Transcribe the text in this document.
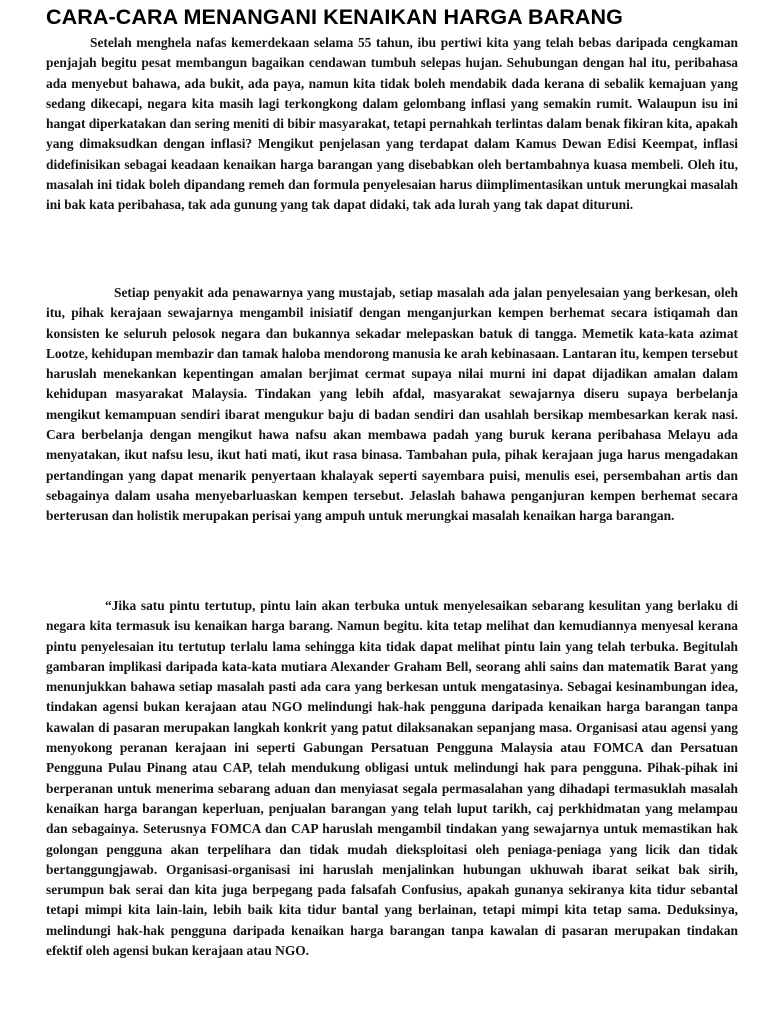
CARA-CARA MENANGANI KENAIKAN HARGA BARANG

Setelah menghela nafas kemerdekaan selama 55 tahun, ibu pertiwi kita yang telah bebas daripada cengkaman penjajah begitu pesat membangun bagaikan cendawan tumbuh selepas hujan. Sehubungan dengan hal itu, peribahasa ada menyebut bahawa, ada bukit, ada paya, namun kita tidak boleh mendabik dada kerana di sebalik kemajuan yang sedang dikecapi, negara kita masih lagi terkongkong dalam gelombang inflasi yang semakin rumit. Walaupun isu ini hangat diperkatakan dan sering meniti di bibir masyarakat, tetapi pernahkah terlintas dalam benak fikiran kita, apakah yang dimaksudkan dengan inflasi? Mengikut penjelasan yang terdapat dalam Kamus Dewan Edisi Keempat, inflasi didefinisikan sebagai keadaan kenaikan harga barangan yang disebabkan oleh bertambahnya kuasa membeli. Oleh itu, masalah ini tidak boleh dipandang remeh dan formula penyelesaian harus diimplimentasikan untuk merungkai masalah ini bak kata peribahasa, tak ada gunung yang tak dapat didaki, tak ada lurah yang tak dapat dituruni.

Setiap penyakit ada penawarnya yang mustajab, setiap masalah ada jalan penyelesaian yang berkesan, oleh itu, pihak kerajaan sewajarnya mengambil inisiatif dengan menganjurkan kempen berhemat secara istiqamah dan konsisten ke seluruh pelosok negara dan bukannya sekadar melepaskan batuk di tangga. Memetik kata-kata azimat Lootze, kehidupan membazir dan tamak haloba mendorong manusia ke arah kebinasaan. Lantaran itu, kempen tersebut haruslah menekankan kepentingan amalan berjimat cermat supaya nilai murni ini dapat dijadikan amalan dalam kehidupan masyarakat Malaysia. Tindakan yang lebih afdal, masyarakat sewajarnya diseru supaya berbelanja mengikut kemampuan sendiri ibarat mengukur baju di badan sendiri dan usahlah bersikap membesarkan kerak nasi. Cara berbelanja dengan mengikut hawa nafsu akan membawa padah yang buruk kerana peribahasa Melayu ada menyatakan, ikut nafsu lesu, ikut hati mati, ikut rasa binasa. Tambahan pula, pihak kerajaan juga harus mengadakan pertandingan yang dapat menarik penyertaan khalayak seperti sayembara puisi, menulis esei, persembahan artis dan sebagainya dalam usaha menyebarluaskan kempen tersebut. Jelaslah bahawa penganjuran kempen berhemat secara berterusan dan holistik merupakan perisai yang ampuh untuk merungkai masalah kenaikan harga barangan.

“Jika satu pintu tertutup, pintu lain akan terbuka untuk menyelesaikan sebarang kesulitan yang berlaku di negara kita termasuk isu kenaikan harga barang. Namun begitu. kita tetap melihat dan kemudiannya menyesal kerana pintu penyelesaian itu tertutup terlalu lama sehingga kita tidak dapat melihat pintu lain yang telah terbuka. Begitulah gambaran implikasi daripada kata-kata mutiara Alexander Graham Bell, seorang ahli sains dan matematik Barat yang menunjukkan bahawa setiap masalah pasti ada cara yang berkesan untuk mengatasinya. Sebagai kesinambungan idea, tindakan agensi bukan kerajaan atau NGO melindungi hak-hak pengguna daripada kenaikan harga barangan tanpa kawalan di pasaran merupakan langkah konkrit yang patut dilaksanakan sepanjang masa. Organisasi atau agensi yang menyokong peranan kerajaan ini seperti Gabungan Persatuan Pengguna Malaysia atau FOMCA dan Persatuan Pengguna Pulau Pinang atau CAP, telah mendukung obligasi untuk melindungi hak para pengguna. Pihak-pihak ini berperanan untuk menerima sebarang aduan dan menyiasat segala permasalahan yang dihadapi termasuklah masalah kenaikan harga barangan keperluan, penjualan barangan yang telah luput tarikh, caj perkhidmatan yang melampau dan sebagainya. Seterusnya FOMCA dan CAP haruslah mengambil tindakan yang sewajarnya untuk memastikan hak golongan pengguna akan terpelihara dan tidak mudah dieksploitasi oleh peniaga-peniaga yang licik dan tidak bertanggungjawab. Organisasi-organisasi ini haruslah menjalinkan hubungan ukhuwah ibarat seikat bak sirih, serumpun bak serai dan kita juga berpegang pada falsafah Confusius, apakah gunanya sekiranya kita tidur sebantal tetapi mimpi kita lain-lain, lebih baik kita tidur bantal yang berlainan, tetapi mimpi kita tetap sama. Deduksinya, melindungi hak-hak pengguna daripada kenaikan harga barangan tanpa kawalan di pasaran merupakan tindakan efektif oleh agensi bukan kerajaan atau NGO.
